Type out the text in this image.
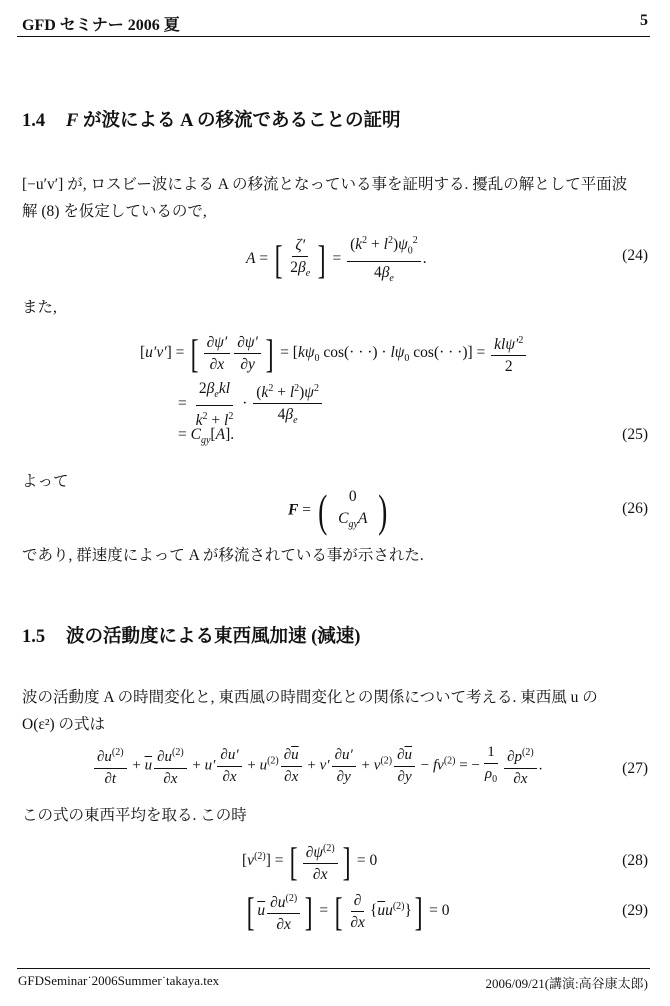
GFD セミナー 2006 夏	5
1.4 F が波による A の移流であることの証明
[−u′v′] が, ロスビー波による A の移流となっている事を証明する. 擾乱の解として平面波解 (8) を仮定しているので,
A = [ $\frac{\zeta'}{2\beta_e}$ ] = $\frac{(k^2 + l^2)\psi_0^2}{4\beta_e}$ .	(24)
また,
[u′v′] = [ $\frac{\partial\psi'}{\partial x} \frac{\partial\psi'}{\partial y}$ ] = [$k\psi_0$ cos(· · ·) · $l\psi_0$ cos(· · ·)] = $\frac{kl\psi'^2}{2}$
= $\frac{2\beta_ekl}{k^2 + l^2} \cdot \frac{(k^2 + l^2)\psi^2}{4\beta_e}$
= $C_{gy}[A]$.	(25)
よって
F = ( 0
$C_{gy}A$ )	(26)
であり, 群速度によって A が移流されている事が示された.
1.5 波の活動度による東西風加速 (減速)
波の活動度 A の時間変化と, 東西風の時間変化との関係について考える. 東西風 u の O(ε²) の式は
$\frac{\partial u^{(2)}}{\partial t} + \overline{u} \frac{\partial u^{(2)}}{\partial x} + u' \frac{\partial u'}{\partial x} + u^{(2)} \frac{\partial\overline{u}}{\partial x} + v' \frac{\partial u'}{\partial y} + v^{(2)} \frac{\partial\overline{u}}{\partial y} - fv^{(2)}$ = − $\frac{1}{\rho_0} \frac{\partial p^{(2)}}{\partial x}$ .	(27)
この式の東西平均を取る. この時
$[v^{(2)}]$ = [ $\frac{\partial\psi^{(2)}}{\partial x}$ ] = 0	(28)
[ $\overline{u} \frac{\partial u^{(2)}}{\partial x}$ ] = [ $\frac{\partial}{\partial x} \{\overline{u}u^{(2)}\}] = 0$	(29)
GFDSeminar˙2006Summer˙takaya.tex	2006/09/21(講演:高谷康太郎)
